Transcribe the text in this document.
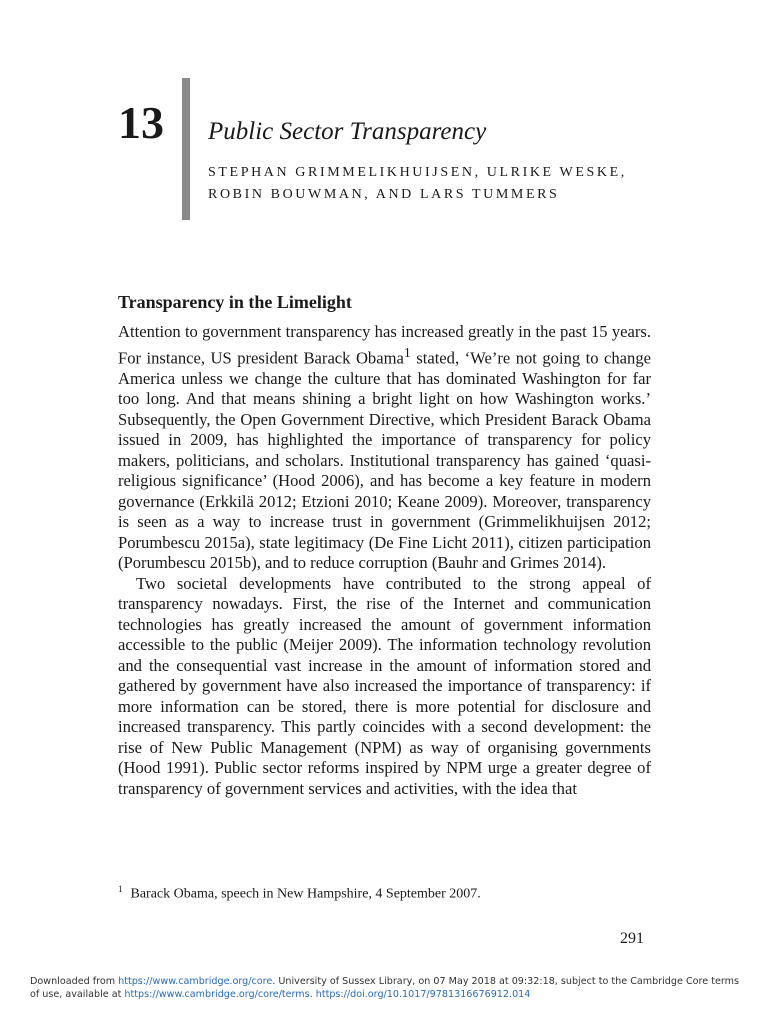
13 Public Sector Transparency
STEPHAN GRIMMELIKHUIJSEN, ULRIKE WESKE, ROBIN BOUWMAN, AND LARS TUMMERS
Transparency in the Limelight

Attention to government transparency has increased greatly in the past 15 years. For instance, US president Barack Obama$^1$ stated, ‘We’re not going to change America unless we change the culture that has dominated Washington for far too long. And that means shining a bright light on how Washington works.’ Subsequently, the Open Government Directive, which President Barack Obama issued in 2009, has highlighted the importance of transparency for policy makers, politicians, and scholars. Institutional transparency has gained ‘quasi-religious significance’ (Hood 2006), and has become a key feature in modern governance (Erkkilä 2012; Etzioni 2010; Keane 2009). Moreover, transparency is seen as a way to increase trust in government (Grimmelikhuijsen 2012; Porumbescu 2015a), state legitimacy (De Fine Licht 2011), citizen participation (Porumbescu 2015b), and to reduce corruption (Bauhr and Grimes 2014).

Two societal developments have contributed to the strong appeal of transparency nowadays. First, the rise of the Internet and communication technologies has greatly increased the amount of government information accessible to the public (Meijer 2009). The information technology revolution and the consequential vast increase in the amount of information stored and gathered by government have also increased the importance of transparency: if more information can be stored, there is more potential for disclosure and increased transparency. This partly coincides with a second development: the rise of New Public Management (NPM) as way of organising governments (Hood 1991). Public sector reforms inspired by NPM urge a greater degree of transparency of government services and activities, with the idea that

$^1$ Barack Obama, speech in New Hampshire, 4 September 2007.
291
Downloaded from https://www.cambridge.org/core. University of Sussex Library, on 07 May 2018 at 09:32:18, subject to the Cambridge Core terms of use, available at https://www.cambridge.org/core/terms. https://doi.org/10.1017/9781316676912.014
